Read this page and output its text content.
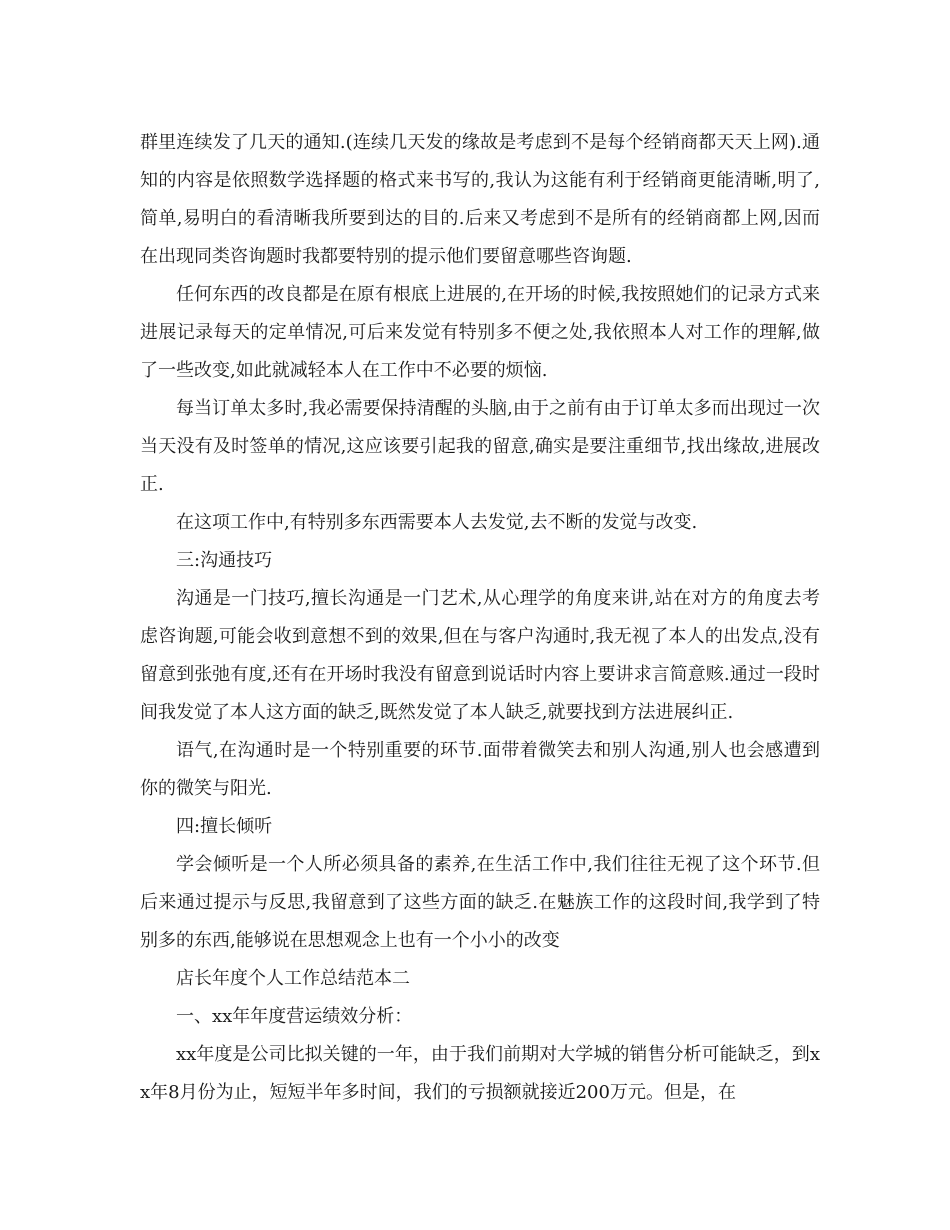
群里连续发了几天的通知.(连续几天发的缘故是考虑到不是每个经销商都天天上网).通知的内容是依照数学选择题的格式来书写的,我认为这能有利于经销商更能清晰,明了,简单,易明白的看清晰我所要到达的目的.后来又考虑到不是所有的经销商都上网,因而在出现同类咨询题时我都要特别的提示他们要留意哪些咨询题.

任何东西的改良都是在原有根底上进展的,在开场的时候,我按照她们的记录方式来进展记录每天的定单情况,可后来发觉有特别多不便之处,我依照本人对工作的理解,做了一些改变,如此就减轻本人在工作中不必要的烦恼.

每当订单太多时,我必需要保持清醒的头脑,由于之前有由于订单太多而出现过一次当天没有及时签单的情况,这应该要引起我的留意,确实是要注重细节,找出缘故,进展改正.

在这项工作中,有特别多东西需要本人去发觉,去不断的发觉与改变.

三:沟通技巧

沟通是一门技巧,擅长沟通是一门艺术,从心理学的角度来讲,站在对方的角度去考虑咨询题,可能会收到意想不到的效果,但在与客户沟通时,我无视了本人的出发点,没有留意到张弛有度,还有在开场时我没有留意到说话时内容上要讲求言简意赅.通过一段时间我发觉了本人这方面的缺乏,既然发觉了本人缺乏,就要找到方法进展纠正.

语气,在沟通时是一个特别重要的环节.面带着微笑去和别人沟通,别人也会感遭到你的微笑与阳光.

四:擅长倾听

学会倾听是一个人所必须具备的素养,在生活工作中,我们往往无视了这个环节.但后来通过提示与反思,我留意到了这些方面的缺乏.在魅族工作的这段时间,我学到了特别多的东西,能够说在思想观念上也有一个小小的改变

店长年度个人工作总结范本二

一、xx年年度营运绩效分析：

xx年度是公司比拟关键的一年，由于我们前期对大学城的销售分析可能缺乏，到xx年8月份为止，短短半年多时间，我们的亏损额就接近200万元。但是，在
